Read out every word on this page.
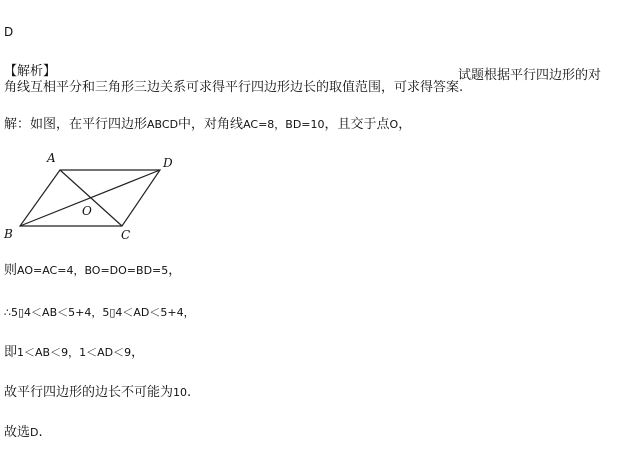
D
【解析】	试题根据平行四边形的对
角线互相平分和三角形三边关系可求得平行四边形边长的取值范围，可求得答案.
解：如图，在平行四边形ABCD中，对角线AC=8，BD=10，且交于点O，
A	D
B	C
O
则AO=AC=4，BO=DO=BD=5，
∴5▯4＜AB＜5+4，5▯4＜AD＜5+4，
即1＜AB＜9，1＜AD＜9，
故平行四边形的边长不可能为10.
故选D.
